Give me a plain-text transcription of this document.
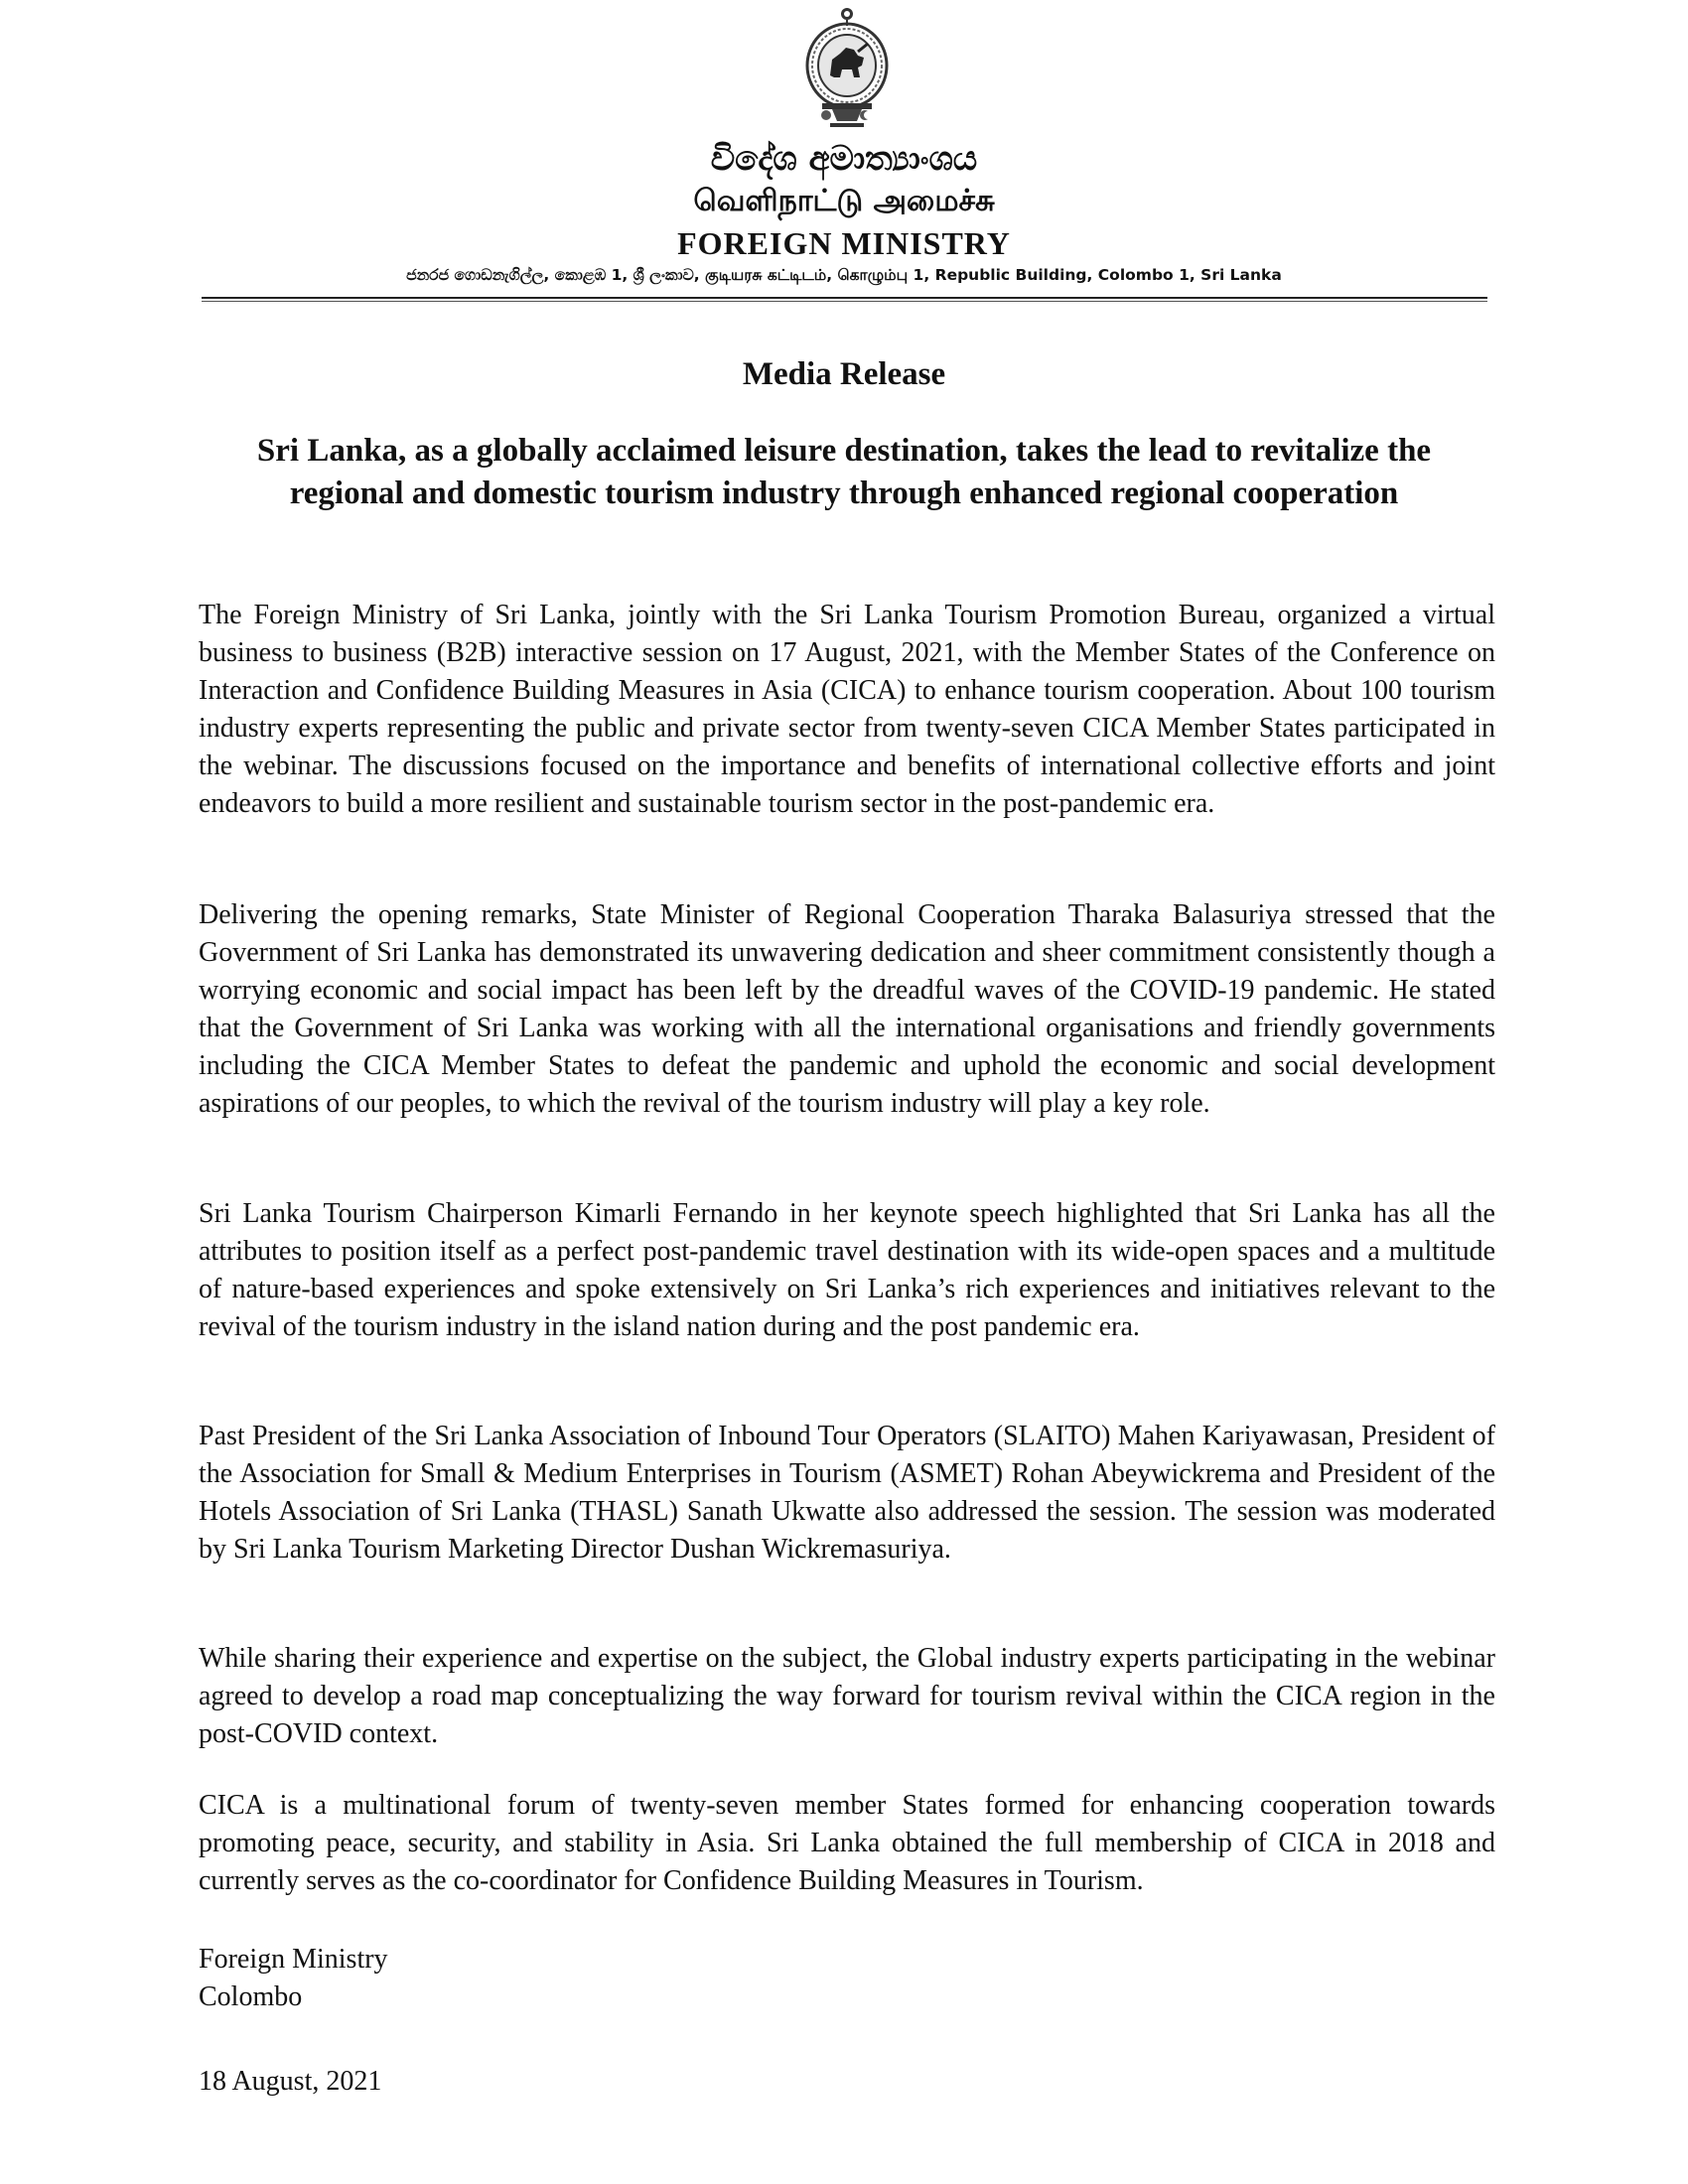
විදේශ අමාත්‍යාංශය
வெளிநாட்டு அமைச்சு
FOREIGN MINISTRY
ජනරජ ගොඩනැගිල්ල, කොළඹ 1, ශ්‍රී ලංකාව, குடியரசு கட்டிடம், கொழும்பு 1, Republic Building, Colombo 1, Sri Lanka
Media Release
Sri Lanka, as a globally acclaimed leisure destination, takes the lead to revitalize the regional and domestic tourism industry through enhanced regional cooperation

The Foreign Ministry of Sri Lanka, jointly with the Sri Lanka Tourism Promotion Bureau, organized a virtual business to business (B2B) interactive session on 17 August, 2021, with the Member States of the Conference on Interaction and Confidence Building Measures in Asia (CICA) to enhance tourism cooperation. About 100 tourism industry experts representing the public and private sector from twenty-seven CICA Member States participated in the webinar. The discussions focused on the importance and benefits of international collective efforts and joint endeavors to build a more resilient and sustainable tourism sector in the post-pandemic era.

Delivering the opening remarks, State Minister of Regional Cooperation Tharaka Balasuriya stressed that the Government of Sri Lanka has demonstrated its unwavering dedication and sheer commitment consistently though a worrying economic and social impact has been left by the dreadful waves of the COVID-19 pandemic. He stated that the Government of Sri Lanka was working with all the international organisations and friendly governments including the CICA Member States to defeat the pandemic and uphold the economic and social development aspirations of our peoples, to which the revival of the tourism industry will play a key role.

Sri Lanka Tourism Chairperson Kimarli Fernando in her keynote speech highlighted that Sri Lanka has all the attributes to position itself as a perfect post-pandemic travel destination with its wide-open spaces and a multitude of nature-based experiences and spoke extensively on Sri Lanka’s rich experiences and initiatives relevant to the revival of the tourism industry in the island nation during and the post pandemic era.

Past President of the Sri Lanka Association of Inbound Tour Operators (SLAITO) Mahen Kariyawasan, President of the Association for Small & Medium Enterprises in Tourism (ASMET) Rohan Abeywickrema and President of the Hotels Association of Sri Lanka (THASL) Sanath Ukwatte also addressed the session. The session was moderated by Sri Lanka Tourism Marketing Director Dushan Wickremasuriya.

While sharing their experience and expertise on the subject, the Global industry experts participating in the webinar agreed to develop a road map conceptualizing the way forward for tourism revival within the CICA region in the post-COVID context.

CICA is a multinational forum of twenty-seven member States formed for enhancing cooperation towards promoting peace, security, and stability in Asia. Sri Lanka obtained the full membership of CICA in 2018 and currently serves as the co-coordinator for Confidence Building Measures in Tourism.

Foreign Ministry
Colombo
18 August, 2021
